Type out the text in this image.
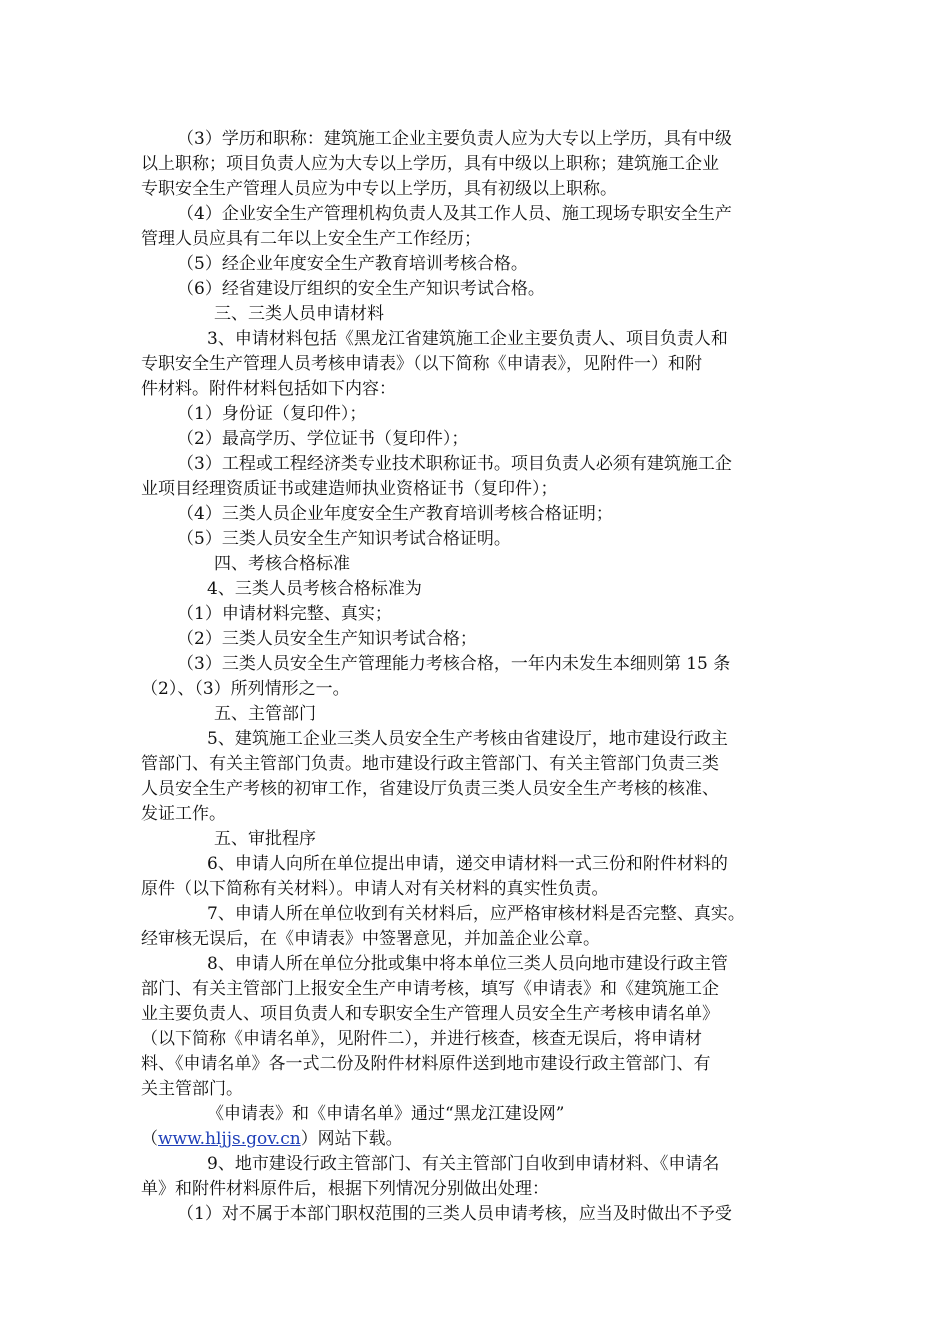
（3）学历和职称：建筑施工企业主要负责人应为大专以上学历，具有中级
以上职称；项目负责人应为大专以上学历，具有中级以上职称；建筑施工企业
专职安全生产管理人员应为中专以上学历，具有初级以上职称。
（4）企业安全生产管理机构负责人及其工作人员、施工现场专职安全生产
管理人员应具有二年以上安全生产工作经历；
（5）经企业年度安全生产教育培训考核合格。
（6）经省建设厅组织的安全生产知识考试合格。
三、三类人员申请材料
3、申请材料包括《黑龙江省建筑施工企业主要负责人、项目负责人和
专职安全生产管理人员考核申请表》（以下简称《申请表》，见附件一）和附
件材料。附件材料包括如下内容：
（1）身份证（复印件）；
（2）最高学历、学位证书（复印件）；
（3）工程或工程经济类专业技术职称证书。项目负责人必须有建筑施工企
业项目经理资质证书或建造师执业资格证书（复印件）；
（4）三类人员企业年度安全生产教育培训考核合格证明；
（5）三类人员安全生产知识考试合格证明。
四、考核合格标准
4、三类人员考核合格标准为
（1）申请材料完整、真实；
（2）三类人员安全生产知识考试合格；
（3）三类人员安全生产管理能力考核合格，一年内未发生本细则第 15 条
（2）、（3）所列情形之一。
五、主管部门
5、建筑施工企业三类人员安全生产考核由省建设厅，地市建设行政主
管部门、有关主管部门负责。地市建设行政主管部门、有关主管部门负责三类
人员安全生产考核的初审工作，省建设厅负责三类人员安全生产考核的核准、
发证工作。
五、审批程序
6、申请人向所在单位提出申请，递交申请材料一式三份和附件材料的
原件（以下简称有关材料）。申请人对有关材料的真实性负责。
7、申请人所在单位收到有关材料后，应严格审核材料是否完整、真实。
经审核无误后，在《申请表》中签署意见，并加盖企业公章。
8、申请人所在单位分批或集中将本单位三类人员向地市建设行政主管
部门、有关主管部门上报安全生产申请考核，填写《申请表》和《建筑施工企
业主要负责人、项目负责人和专职安全生产管理人员安全生产考核申请名单》
（以下简称《申请名单》，见附件二），并进行核查，核查无误后，将申请材
料、《申请名单》各一式二份及附件材料原件送到地市建设行政主管部门、有
关主管部门。
《申请表》和《申请名单》通过“黑龙江建设网”
（www.hljjs.gov.cn）网站下载。
9、地市建设行政主管部门、有关主管部门自收到申请材料、《申请名
单》和附件材料原件后，根据下列情况分别做出处理：
（1）对不属于本部门职权范围的三类人员申请考核，应当及时做出不予受
